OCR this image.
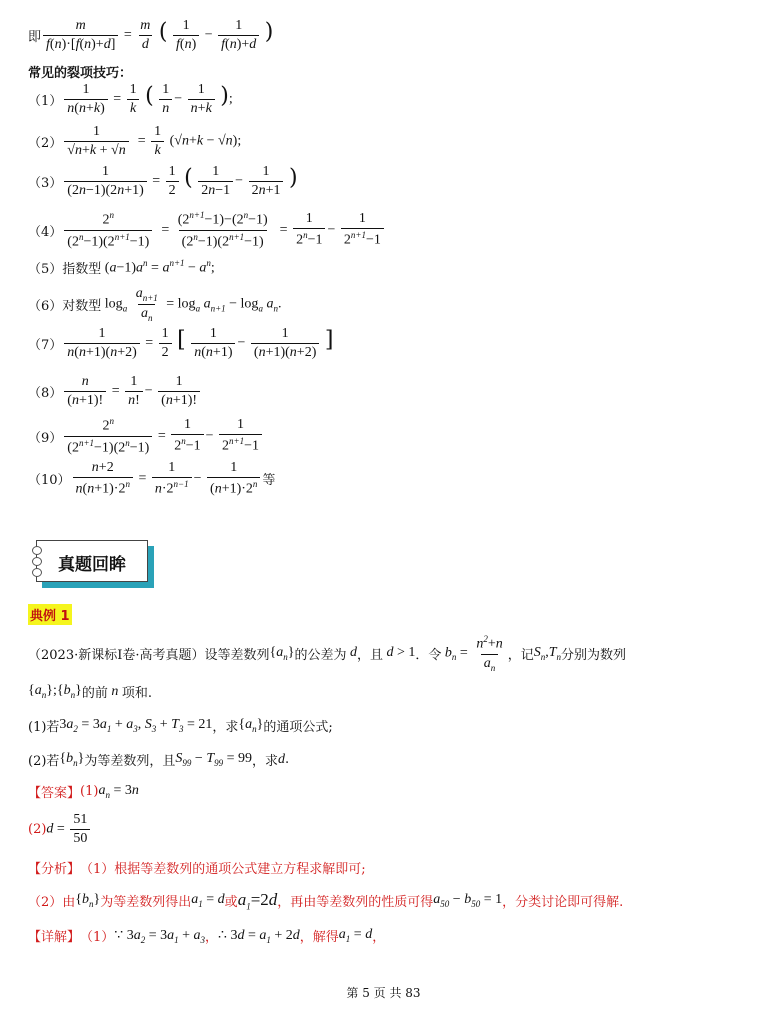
即 $\frac{m}{f(n)\cdot[f(n)+d]} = \frac{m}{d}$ ( $\frac{1}{f(n)} - \frac{1}{f(n)+d}$ )
常见的裂项技巧：
$(1) \frac{1}{n(n+k)} = \frac{1}{k}$ ( $\frac{1}{n} - \frac{1}{n+k}$ );
$(2) \frac{1}{√n+k + √n} = \frac{1}{k} (√n+k - √n)$;
$(3) \frac{1}{(2n-1)(2n+1)} = \frac{1}{2}$ ( $\frac{1}{2n-1} - \frac{1}{2n+1}$ )
$(4) \frac{2^n}{(2^n-1)(2^{n+1}-1)} = \frac{(2^{n+1}-1)-(2^n-1)}{(2^n-1)(2^{n+1}-1)} = \frac{1}{2^n-1} - \frac{1}{2^{n+1}-1}$
（5） 指数型 $(a-1)a^n = a^{n+1} - a^n$;
（6） 对数型 $\log_a \frac{a_{n+1}}{a_n} = \log_a a_{n+1} - \log_a a_n$.
$(7) \frac{1}{n(n+1)(n+2)} = \frac{1}{2}$ [ $\frac{1}{n(n+1)} - \frac{1}{(n+1)(n+2)}$ ]
$(8) \frac{n}{(n+1)!} = \frac{1}{n!} - \frac{1}{(n+1)!}$
$(9) \frac{2^n}{(2^{n+1}-1)(2^n-1)} = \frac{1}{2^n-1} - \frac{1}{2^{n+1}-1}$
$(10) \frac{n+2}{n(n+1)\cdot 2^n} = \frac{1}{n\cdot 2^{n-1}} - \frac{1}{(n+1)\cdot 2^n}$ 等
真题回眸
典例 1
（2023·新课标Ⅰ卷·高考真题）设等差数列 $\{a_n\}$ 的公差为 d ，且 d > 1 ．令 $b_n = \frac{n^2+n}{a_n}$ ，记 $S_n,T_n$ 分别为数列
$\{a_n\};\{b_n\}$ 的前 n 项和.
(1)若 $3a_2 = 3a_1 + a_3$, $S_3 + T_3 = 21$ ，求 $\{a_n\}$ 的通项公式;
(2)若 $\{b_n\}$ 为等差数列，且 $S_{99} - T_{99} = 99$ ，求 d .
【答案】 (1) $a_n = 3n$
(2) $d = \frac{51}{50}$
【分析】 （1）根据等差数列的通项公式建立方程求解即可;
（2）由 $\{b_n\}$ 为等差数列得出 $a_1 = d$ 或 $a_1=2d$ ，再由等差数列的性质可得 $a_{50} - b_{50} = 1$ ，分类讨论即可得解.
【详解】 （1） ∵ $3a_2 = 3a_1 + a_3$ ， ∴ $3d = a_1 + 2d$ ，解得 $a_1 = d$ ，
第 5 页 共 83
